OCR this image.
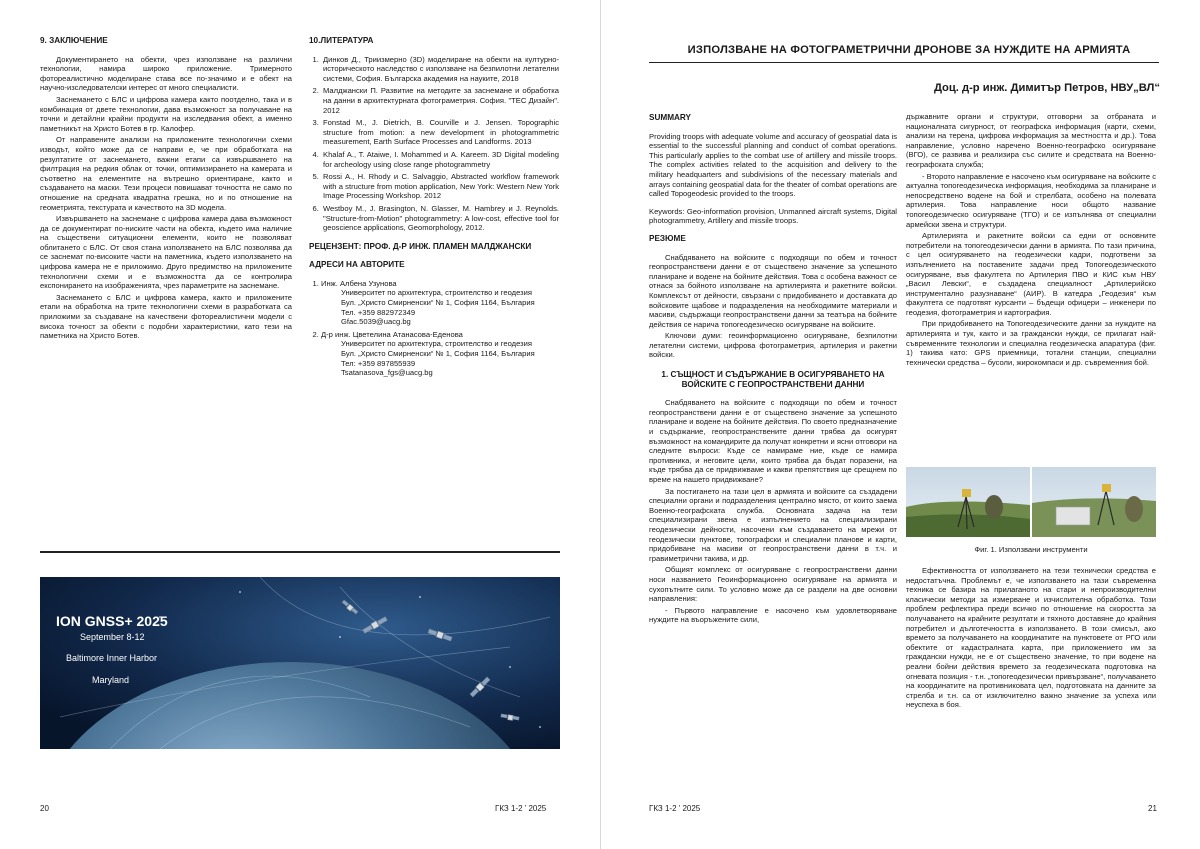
9. ЗАКЛЮЧЕНИЕ

Документирането на обекти, чрез използване на различни технологии, намира широко приложение. Тримерното фотореалистично моделиране става все по-значимо и е обект на научно-изследователски интерес от много специалисти.

Заснемането с БЛС и цифрова камера както поотделно, така и в комбинация от двете технологии, дава възможност за получаване на точни и детайлни крайни продукти на изследвания обект, а именно паметникът на Христо Ботев в гр. Калофер.

От направените анализи на приложените технологични схеми изводът, който може да се направи е, че при обработката на резултатите от заснемането, важни етапи са извършването на филтрация на редкия облак от точки, оптимизирането на камерата и съответно на елементите на вътрешно ориентиране, както и създаването на маски. Тези процеси повишават точността не само по отношение на средната квадратна грешка, но и по отношение на геометрията, текстурата и качеството на 3D модела.

Извършването на заснемане с цифрова камера дава възможност да се документират по-ниските части на обекта, където има наличие на съществени ситуационни елементи, които не позволяват облитането с БЛС. От своя стана използването на БЛС позволява да се заснемат по-високите части на паметника, където използването на цифрова камера не е приложимо. Друго предимство на приложените технологични схеми и е възможността да се контролира експонирането на изображенията, чрез параметрите на заснемане.

Заснемането с БЛС и цифрова камера, както и приложените етапи на обработка на трите технологични схеми в разработката са приложими за създаване на качествени фотореалистични модели с висока точност за обекти с подобни характеристики, като тези на паметника на Христо Ботев.

10.ЛИТЕРАТУРА
1. Динков Д., Триизмерно (3D) моделиране на обекти на културно-историческото наследство с използване на безпилотни летателни системи, София. Българска академия на науките, 2018
2. Малджански П. Развитие на методите за заснемане и обработка на данни в архитектурната фотограметрия. София. "ТЕС Дизайн". 2012
3. Fonstad M., J. Dietrich, B. Courville и J. Jensen. Topographic structure from motion: a new development in photogrammetric measurement, Earth Surface Processes and Landforms. 2013
4. Khalaf A., T. Ataiwe, I. Mohammed и A. Kareem. 3D Digital modeling for archeology using close range photogrammetry
5. Rossi A., H. Rhody и C. Salvaggio, Abstracted workflow framework with a structure from motion application, New York: Western New York Image Processing Workshop. 2012
6. Westboy M., J. Brasington, N. Glasser, M. Hambrey и J. Reynolds. "Structure-from-Motion" photogrammetry: A low-cost, effective tool for geoscience applications, Geomorphology, 2012.
РЕЦЕНЗЕНТ: ПРОФ. Д-Р ИНЖ. ПЛАМЕН МАЛДЖАНСКИ
АДРЕСИ НА АВТОРИТЕ
1. Инж. Албена Узунова
Университет по архитектура, строителство и геодезия
Бул. „Христо Смирненски“ № 1, София 1164, България
Тел. +359 882972349
Gfac.5039@uacg.bg
2. Д-р инж. Цветелина Атанасова-Еденова
Университет по архитектура, строителство и геодезия
Бул. „Христо Смирненски“ № 1, София 1164, България
Тел: +359 897855939
Tsatanasova_fgs@uacg.bg
ION GNSS+ 2025
September 8-12
Baltimore Inner Harbor
Maryland
20	ГКЗ 1-2 ’ 2025
ИЗПОЛЗВАНЕ НА ФОТОГРАМЕТРИЧНИ ДРОНОВЕ ЗА НУЖДИТЕ НА АРМИЯТА
Доц. д-р инж. Димитър Петров, НВУ„ВЛ“
SUMMARY

Providing troops with adequate volume and accuracy of geospatial data is essential to the successful planning and conduct of combat operations. This particularly applies to the combat use of artillery and missile troops. The complex activities related to the acquisition and delivery to the military headquarters and subdivisions of the necessary materials and arrays containing geospatial data for the theater of combat operations are called Topogeodesic provided to the troops.

Keywords: Geo-information provision, Unmanned aircraft systems, Digital photogrammetry, Artillery and missile troops.

РЕЗЮМЕ

Снабдяването на войските с подходящи по обем и точност геопространствени данни е от съществено значение за успешното планиране и водене на бойните действия. Това с особена важност се отнася за бойното използване на артилерията и ракетните войски. Комплексът от дейности, свързани с придобиването и доставката до войсковите щабове и подразделения на необходимите материали и масиви, съдържащи геопространствени данни за театъра на бойните действия се нарича топогеодезическо осигуряване на войските.

Ключови думи: геоинформационно осигуряване, безпилотни летателни системи, цифрова фотограметрия, артилерия и ракетни войски.

1. СЪЩНОСТ И СЪДЪРЖАНИЕ В ОСИГУРЯВАНЕТО НА ВОЙСКИТЕ С ГЕОПРОСТРАНСТВЕНИ ДАННИ

Снабдяването на войските с подходящи по обем и точност геопространствени данни е от съществено значение за успешното планиране и водене на бойните действия. По своето предназначение и съдържание, геопространствените данни трябва да осигурят възможност на командирите да получат конкретни и ясни отговори на следните въпроси: Къде се намираме ние, къде се намира противника, и неговите цели, които трябва да бъдат поразени, на къде трябва да се придвижваме и какви препятствия ще срещнем по време на нашето придвижване?

За постигането на тази цел в армията и войските са създадени специални органи и подразделения централно място, от които заема Военно-географската служба. Основната задача на тези специализирани звена е изпълнението на специализирани геодезически дейности, насочени към създаването на мрежи от геодезически пунктове, топографски и специални планове и карти, придобиване на масиви от геопространствени данни в т.ч. и гравиметрични такива, и др.

Общият комплекс от осигуряване с геопространствени данни носи названието Геоинформационно осигуряване на армията и сухопътните сили. То условно може да се раздели на две основни направления:

- Първото направление е насочено към удовлетворяване нуждите на въоръжените сили,

държавните органи и структури, отговорни за отбраната и националната сигурност, от географска информация (карти, схеми, анализи на терена, цифрова информация за местността и др.). Това направление, условно наречено Военно-географско осигуряване (ВГО), се развива и реализира със силите и средствата на Военно-географската служба;

- Второто направление е насочено към осигуряване на войските с актуална топогеодезическа информация, необходима за планиране и непосредствено водене на бой и стрелбата, особено на полевата артилерия. Това направление носи общото название топогеодезическо осигуряване (ТГО) и се изпълнява от специални армейски звена и структури.

Артилерията и ракетните войски са едни от основните потребители на топогеодезически данни в армията. По тази причина, с цел осигуряването на геодезически кадри, подготвени за изпълнението на поставените задачи пред Топогеодезическото осигуряване, във факултета по Артилерия ПВО и КИС към НВУ „Васил Левски“, е създадена специалност „Артилерийско инструментално разузнаване“ (АИР). В катедра „Геодезия“ към факултета се подготвят курсанти – бъдещи офицери – инженери по геодезия, фотограметрия и картография.

При придобиването на Топогеодезическите данни за нуждите на артилерията и тук, както и за граждански нужди, се прилагат най-съвременните технологии и специална геодезическа апаратура (фиг. 1) такива като: GPS приемници, тотални станции, специални технически средства – бусоли, жирокомпаси и др. съвременния бой.

Фиг. 1. Използвани инструменти

Ефективността от използването на тези технически средства е недостатъчна. Проблемът е, че използването на тази съвременна техника се базира на прилаганото на стари и непроизводителни класически методи за измерване и изчислителна обработка. Този проблем рефлектира преди всичко по отношение на скоростта за получаването на крайните резултати и тяхното доставяне до крайния потребител и дълготечността в използването. В този смисъл, ако времето за получаването на координатите на пунктовете от РГО или обектите от кадастралната карта, при приложението им за граждански нужди, не е от съществено значение, то при водене на реални бойни действия времето за геодезическата подготовка на огневата позиция - т.н. „топогеодезически привързване“, получаването на координатите на противниковата цел, подготовката на данните за стрелба и т.н. са от изключително важно значение за успеха или неуспеха в боя.

ГКЗ 1-2 ’ 2025	21
